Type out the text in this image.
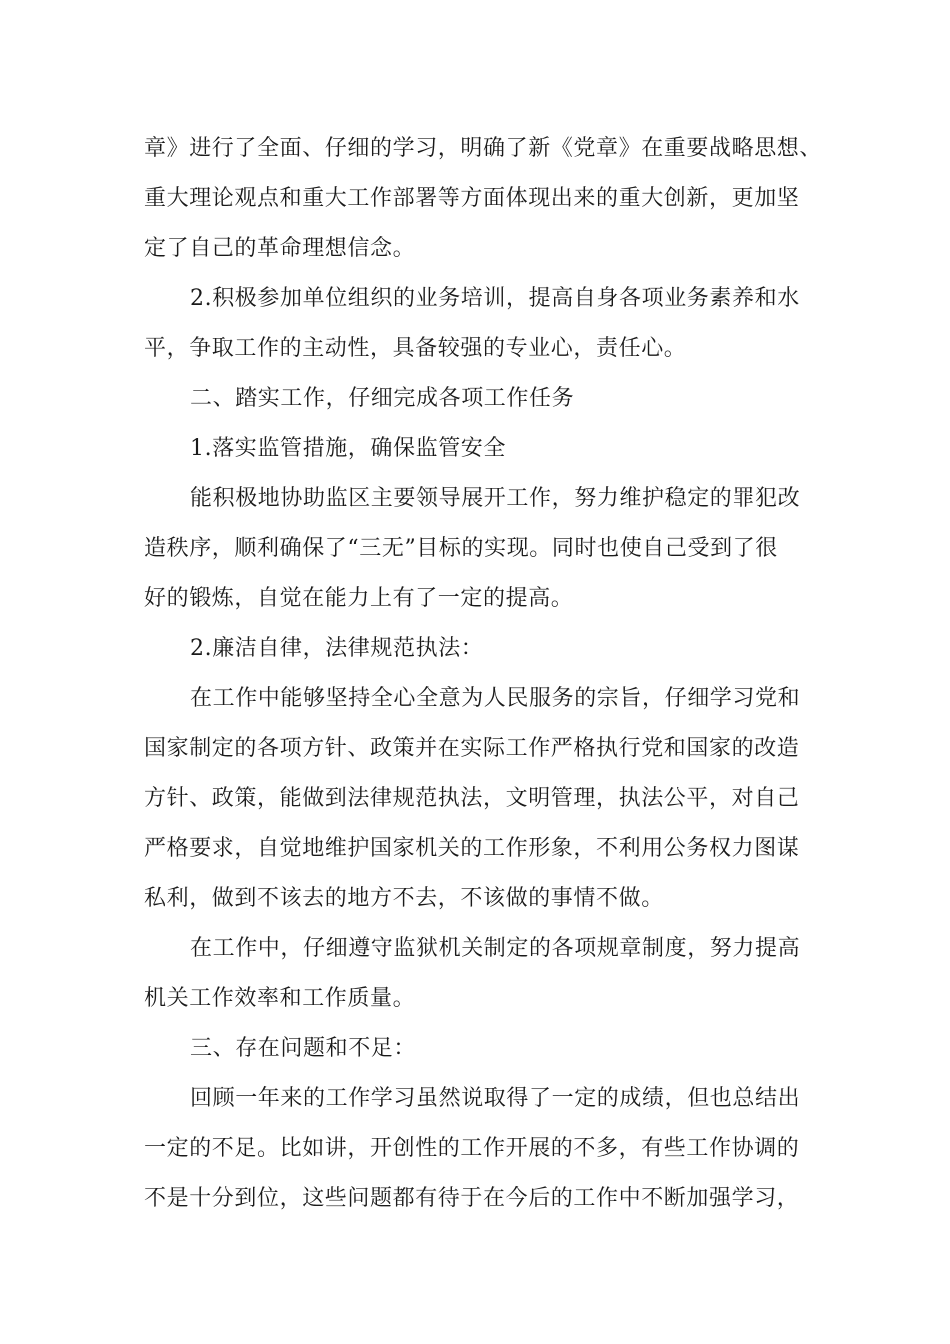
章》进行了全面、仔细的学习，明确了新《党章》在重要战略思想、
重大理论观点和重大工作部署等方面体现出来的重大创新，更加坚
定了自己的革命理想信念。
2.积极参加单位组织的业务培训，提高自身各项业务素养和水
平，争取工作的主动性，具备较强的专业心，责任心。
二、踏实工作，仔细完成各项工作任务
1.落实监管措施，确保监管安全
能积极地协助监区主要领导展开工作，努力维护稳定的罪犯改
造秩序，顺利确保了“三无”目标的实现。同时也使自己受到了很
好的锻炼，自觉在能力上有了一定的提高。
2.廉洁自律，法律规范执法：
在工作中能够坚持全心全意为人民服务的宗旨，仔细学习党和
国家制定的各项方针、政策并在实际工作严格执行党和国家的改造
方针、政策，能做到法律规范执法，文明管理，执法公平，对自己
严格要求，自觉地维护国家机关的工作形象，不利用公务权力图谋
私利，做到不该去的地方不去，不该做的事情不做。
在工作中，仔细遵守监狱机关制定的各项规章制度，努力提高
机关工作效率和工作质量。
三、存在问题和不足：
回顾一年来的工作学习虽然说取得了一定的成绩，但也总结出
一定的不足。比如讲，开创性的工作开展的不多，有些工作协调的
不是十分到位，这些问题都有待于在今后的工作中不断加强学习，
